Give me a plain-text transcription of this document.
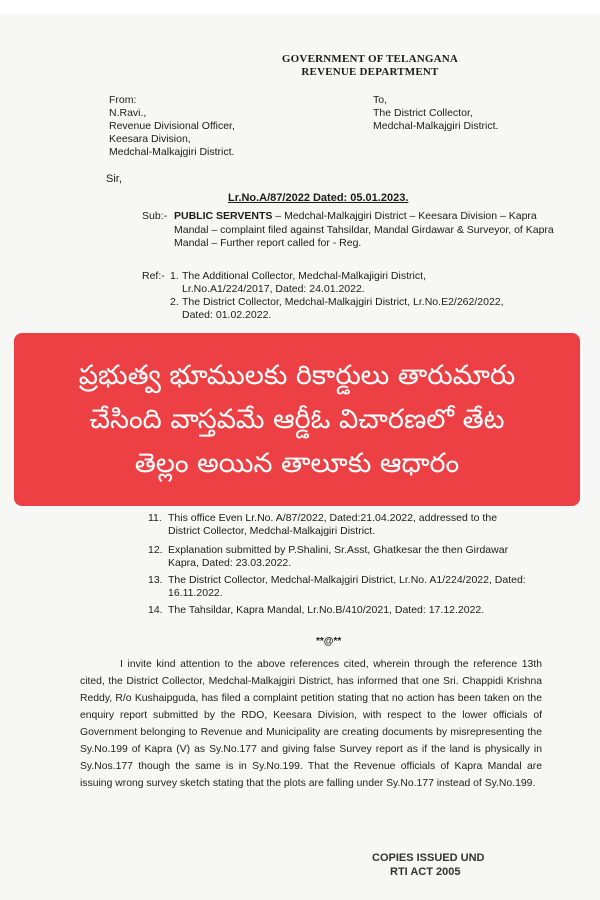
GOVERNMENT OF TELANGANA
REVENUE DEPARTMENT
From:
N.Ravi.,
Revenue Divisional Officer,
Keesara Division,
Medchal-Malkajgiri District.
To,
The District Collector,
Medchal-Malkajgiri District.
Sir,
Lr.No.A/87/2022 Dated: 05.01.2023.
Sub:- PUBLIC SERVENTS – Medchal-Malkajgiri District – Keesara Division – Kapra Mandal – complaint filed against Tahsildar, Mandal Girdawar & Surveyor, of Kapra Mandal – Further report called for - Reg.
Ref:- 1. The Additional Collector, Medchal-Malkajigiri District, Lr.No.A1/224/2017, Dated: 24.01.2022.
2. The District Collector, Medchal-Malkajgiri District, Lr.No.E2/262/2022, Dated: 01.02.2022.
11. This office Even Lr.No. A/87/2022, Dated:21.04.2022, addressed to the District Collector, Medchal-Malkajgiri District.
12. Explanation submitted by P.Shalini, Sr.Asst, Ghatkesar the then Girdawar Kapra, Dated: 23.03.2022.
13. The District Collector, Medchal-Malkajgiri District, Lr.No. A1/224/2022, Dated: 16.11.2022.
14. The Tahsildar, Kapra Mandal, Lr.No.B/410/2021, Dated: 17.12.2022.
**@**
I invite kind attention to the above references cited, wherein through the reference 13th cited, the District Collector, Medchal-Malkajgiri District, has informed that one Sri. Chappidi Krishna Reddy, R/o Kushaipguda, has filed a complaint petition stating that no action has been taken on the enquiry report submitted by the RDO, Keesara Division, with respect to the lower officials of Government belonging to Revenue and Municipality are creating documents by misrepresenting the Sy.No.199 of Kapra (V) as Sy.No.177 and giving false Survey report as if the land is physically in Sy.Nos.177 though the same is in Sy.No.199. That the Revenue officials of Kapra Mandal are issuing wrong survey sketch stating that the plots are falling under Sy.No.177 instead of Sy.No.199.
COPIES ISSUED UND
RTI ACT 2005
ప్రభుత్వ భూములకు రికార్డులు తారుమారు
చేసింది వాస్తవమే ఆర్డీఓ విచారణలో తేట
తెల్లం అయిన తాలూకు ఆధారం
